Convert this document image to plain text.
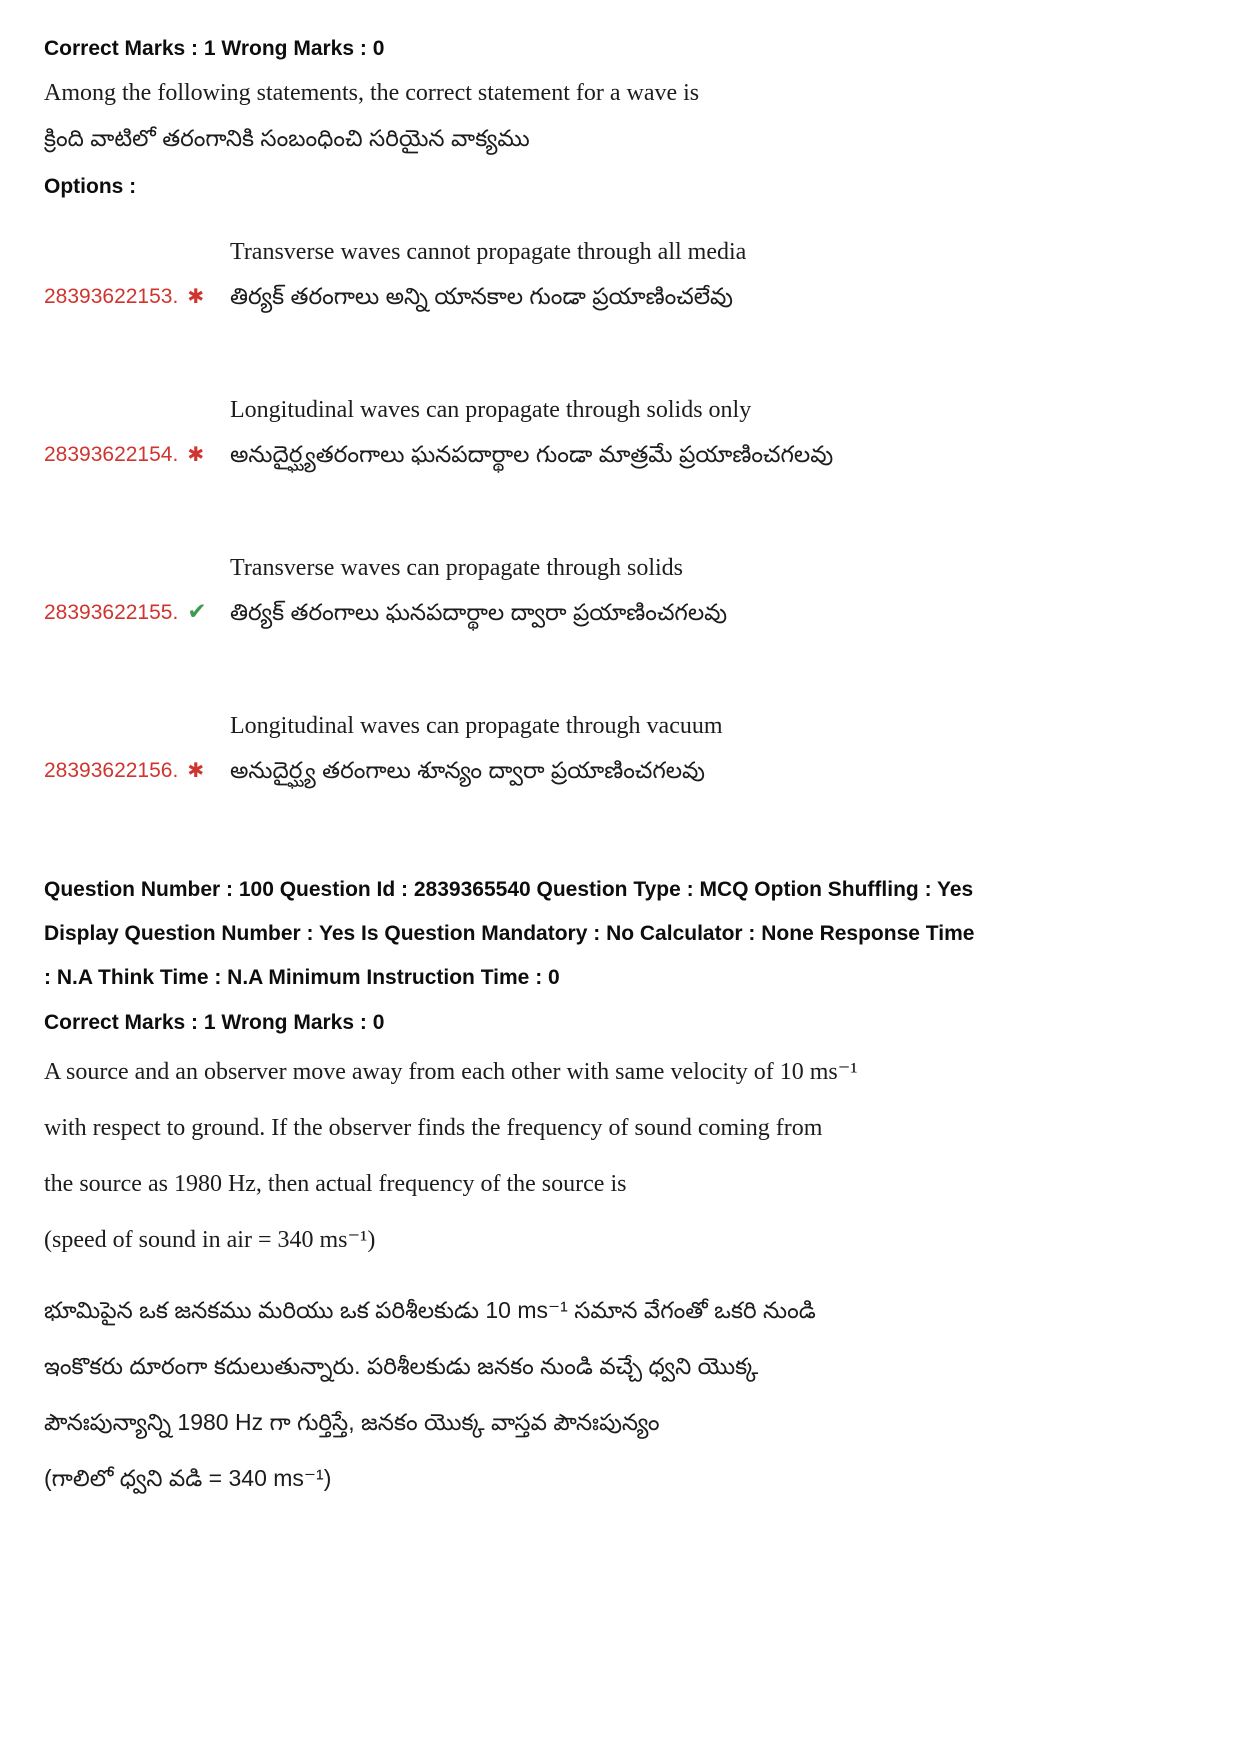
Correct Marks : 1 Wrong Marks : 0
Among the following statements, the correct statement for a wave is
క్రింది వాటిలో తరంగానికి సంబంధించి సరియైన వాక్యము
Options :
28393622153. ✱
Transverse waves cannot propagate through all media
తిర్యక్ తరంగాలు అన్ని యానకాల గుండా ప్రయాణించలేవు
28393622154. ✱
Longitudinal waves can propagate through solids only
అనుదైర్ఘ్యతరంగాలు ఘనపదార్థాల గుండా మాత్రమే ప్రయాణించగలవు
28393622155. ✔
Transverse waves can propagate through solids
తిర్యక్ తరంగాలు ఘనపదార్థాల ద్వారా ప్రయాణించగలవు
28393622156. ✱
Longitudinal waves can propagate through vacuum
అనుదైర్ఘ్య తరంగాలు శూన్యం ద్వారా ప్రయాణించగలవు
Question Number : 100 Question Id : 2839365540 Question Type : MCQ Option Shuffling : Yes
Display Question Number : Yes Is Question Mandatory : No Calculator : None Response Time
: N.A Think Time : N.A Minimum Instruction Time : 0
Correct Marks : 1 Wrong Marks : 0
A source and an observer move away from each other with same velocity of 10 ms⁻¹
with respect to ground. If the observer finds the frequency of sound coming from
the source as 1980 Hz, then actual frequency of the source is
(speed of sound in air = 340 ms⁻¹)
భూమిపైన ఒక జనకము మరియు ఒక పరిశీలకుడు 10 ms⁻¹ సమాన వేగంతో ఒకరి నుండి
ఇంకొకరు దూరంగా కదులుతున్నారు. పరిశీలకుడు జనకం నుండి వచ్చే ధ్వని యొక్క
పౌనఃపున్యాన్ని 1980 Hz గా గుర్తిస్తే, జనకం యొక్క వాస్తవ పౌనఃపున్యం
(గాలిలో ధ్వని వడి = 340 ms⁻¹)
